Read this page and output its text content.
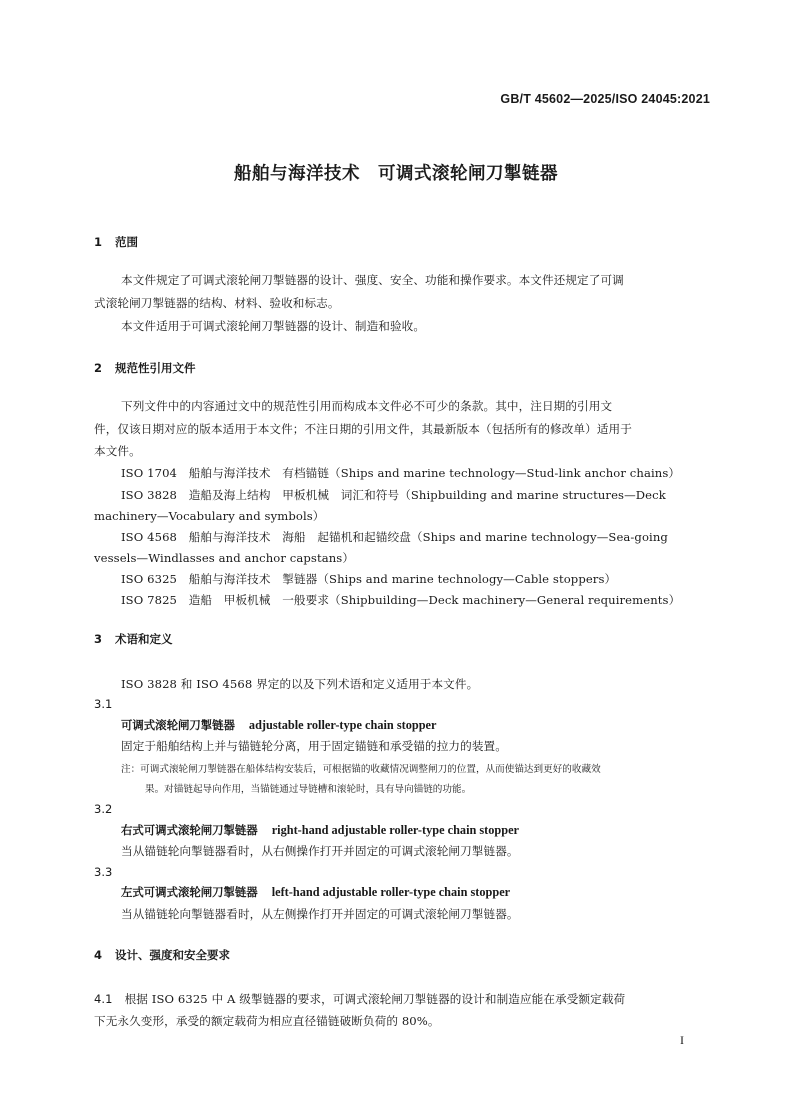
GB/T 45602—2025/ISO 24045:2021
船舶与海洋技术　可调式滚轮闸刀掣链器
1 范围
本文件规定了可调式滚轮闸刀掣链器的设计、强度、安全、功能和操作要求。本文件还规定了可调
式滚轮闸刀掣链器的结构、材料、验收和标志。
本文件适用于可调式滚轮闸刀掣链器的设计、制造和验收。
2 规范性引用文件
下列文件中的内容通过文中的规范性引用而构成本文件必不可少的条款。其中，注日期的引用文
件，仅该日期对应的版本适用于本文件；不注日期的引用文件，其最新版本（包括所有的修改单）适用于
本文件。
ISO 1704　船舶与海洋技术　有档锚链（Ships and marine technology—Stud-link anchor chains）
ISO 3828　造船及海上结构　甲板机械　词汇和符号（Shipbuilding and marine structures—Deck
machinery—Vocabulary and symbols）
ISO 4568　船舶与海洋技术　海船　起锚机和起锚绞盘（Ships and marine technology—Sea-going
vessels—Windlasses and anchor capstans）
ISO 6325　船舶与海洋技术　掣链器（Ships and marine technology—Cable stoppers）
ISO 7825　造船　甲板机械　一般要求（Shipbuilding—Deck machinery—General requirements）
3 术语和定义
ISO 3828 和 ISO 4568 界定的以及下列术语和定义适用于本文件。
3.1
可调式滚轮闸刀掣链器 adjustable roller-type chain stopper
固定于船舶结构上并与锚链轮分离，用于固定锚链和承受锚的拉力的装置。
注：可调式滚轮闸刀掣链器在船体结构安装后，可根据锚的收藏情况调整闸刀的位置，从而使锚达到更好的收藏效
果。对锚链起导向作用，当锚链通过导链槽和滚轮时，具有导向锚链的功能。
3.2
右式可调式滚轮闸刀掣链器 right-hand adjustable roller-type chain stopper
当从锚链轮向掣链器看时，从右侧操作打开并固定的可调式滚轮闸刀掣链器。
3.3
左式可调式滚轮闸刀掣链器 left-hand adjustable roller-type chain stopper
当从锚链轮向掣链器看时，从左侧操作打开并固定的可调式滚轮闸刀掣链器。
4 设计、强度和安全要求
4.1 根据 ISO 6325 中 A 级掣链器的要求，可调式滚轮闸刀掣链器的设计和制造应能在承受额定载荷
下无永久变形，承受的额定载荷为相应直径锚链破断负荷的 80%。
I
